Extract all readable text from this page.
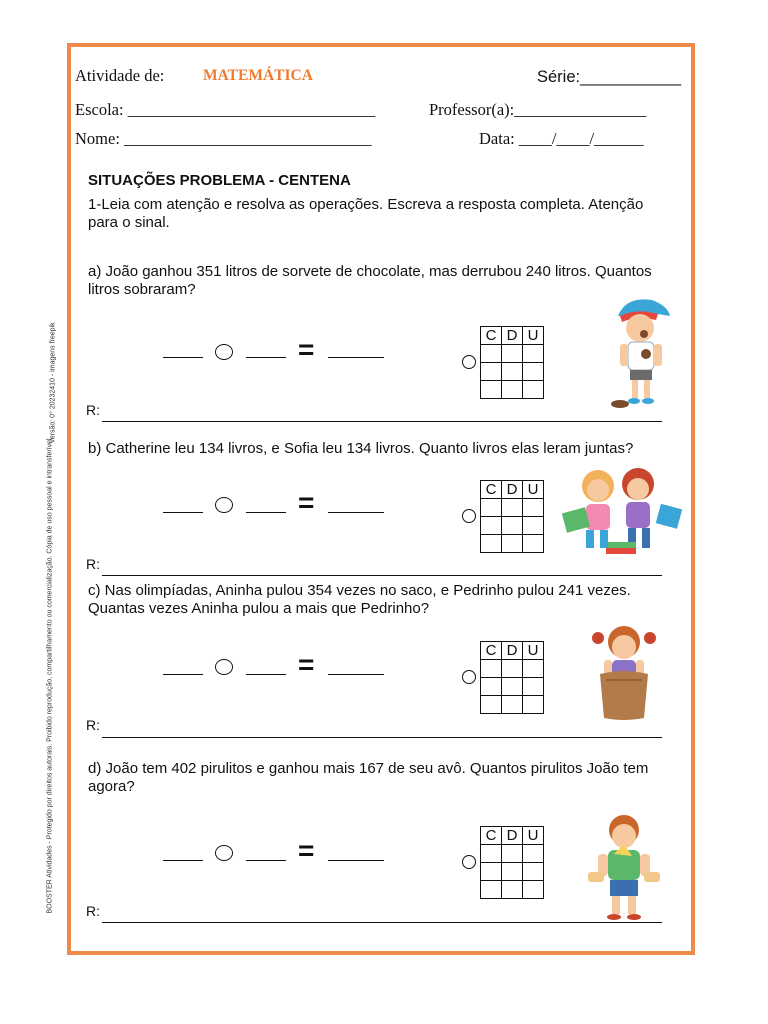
BOOSTER Atividades - Protegido por direitos autorais. Proibido reprodução, compartilhamento ou comercialização. Cópia de uso pessoal e intransferível.
Versão: 0° 20232410 - imagens freepik
Atividade de: MATEMÁTICA	Série:___________
Escola: ______________________________	Professor(a):________________
Nome: ______________________________	Data: ____/____/______
SITUAÇÕES PROBLEMA - CENTENA
1-Leia com atenção e resolva as operações. Escreva a resposta completa. Atenção para o sinal.
a) João ganhou 351 litros de sorvete de chocolate, mas derrubou 240 litros. Quantos litros sobraram?
=	C	D	U

R:
b) Catherine leu 134 livros, e Sofia leu 134 livros. Quanto livros elas leram juntas?
=	C	D	U

R:
c) Nas olimpíadas, Aninha pulou 354 vezes no saco, e Pedrinho pulou 241 vezes. Quantas vezes Aninha pulou a mais que Pedrinho?
=	C	D	U

R:
d) João tem 402 pirulitos e ganhou mais 167 de seu avô. Quantos pirulitos João tem agora?
=	C	D	U

R:
